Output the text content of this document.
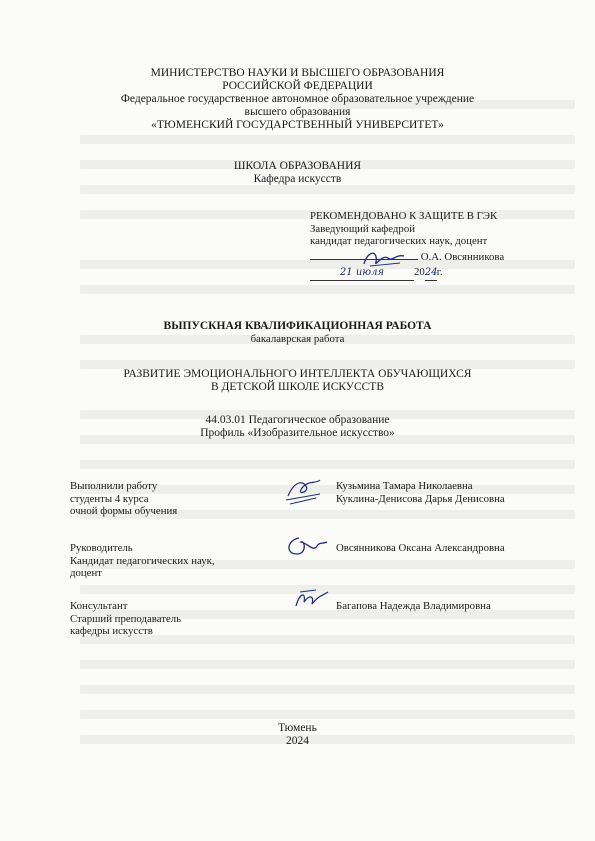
МИНИСТЕРСТВО НАУКИ И ВЫСШЕГО ОБРАЗОВАНИЯ
РОССИЙСКОЙ ФЕДЕРАЦИИ
Федеральное государственное автономное образовательное учреждение
высшего образования
«ТЮМЕНСКИЙ ГОСУДАРСТВЕННЫЙ УНИВЕРСИТЕТ»
ШКОЛА ОБРАЗОВАНИЯ
Кафедра искусств
РЕКОМЕНДОВАНО К ЗАЩИТЕ В ГЭК
Заведующий кафедрой
кандидат педагогических наук, доцент
О.А. Овсянникова
21 июля	2024г.
ВЫПУСКНАЯ КВАЛИФИКАЦИОННАЯ РАБОТА
бакалаврская работа
РАЗВИТИЕ ЭМОЦИОНАЛЬНОГО ИНТЕЛЛЕКТА ОБУЧАЮЩИХСЯ
В ДЕТСКОЙ ШКОЛЕ ИСКУССТВ
44.03.01 Педагогическое образование
Профиль «Изобразительное искусство»
Выполнили работу
студенты 4 курса
очной формы обучения
Кузьмина Тамара Николаевна
Куклина-Денисова Дарья Денисовна
Руководитель
Кандидат педагогических наук,
доцент
Овсянникова Оксана Александровна
Консультант
Старший преподаватель
кафедры искусств
Багапова Надежда Владимировна
Тюмень
2024
